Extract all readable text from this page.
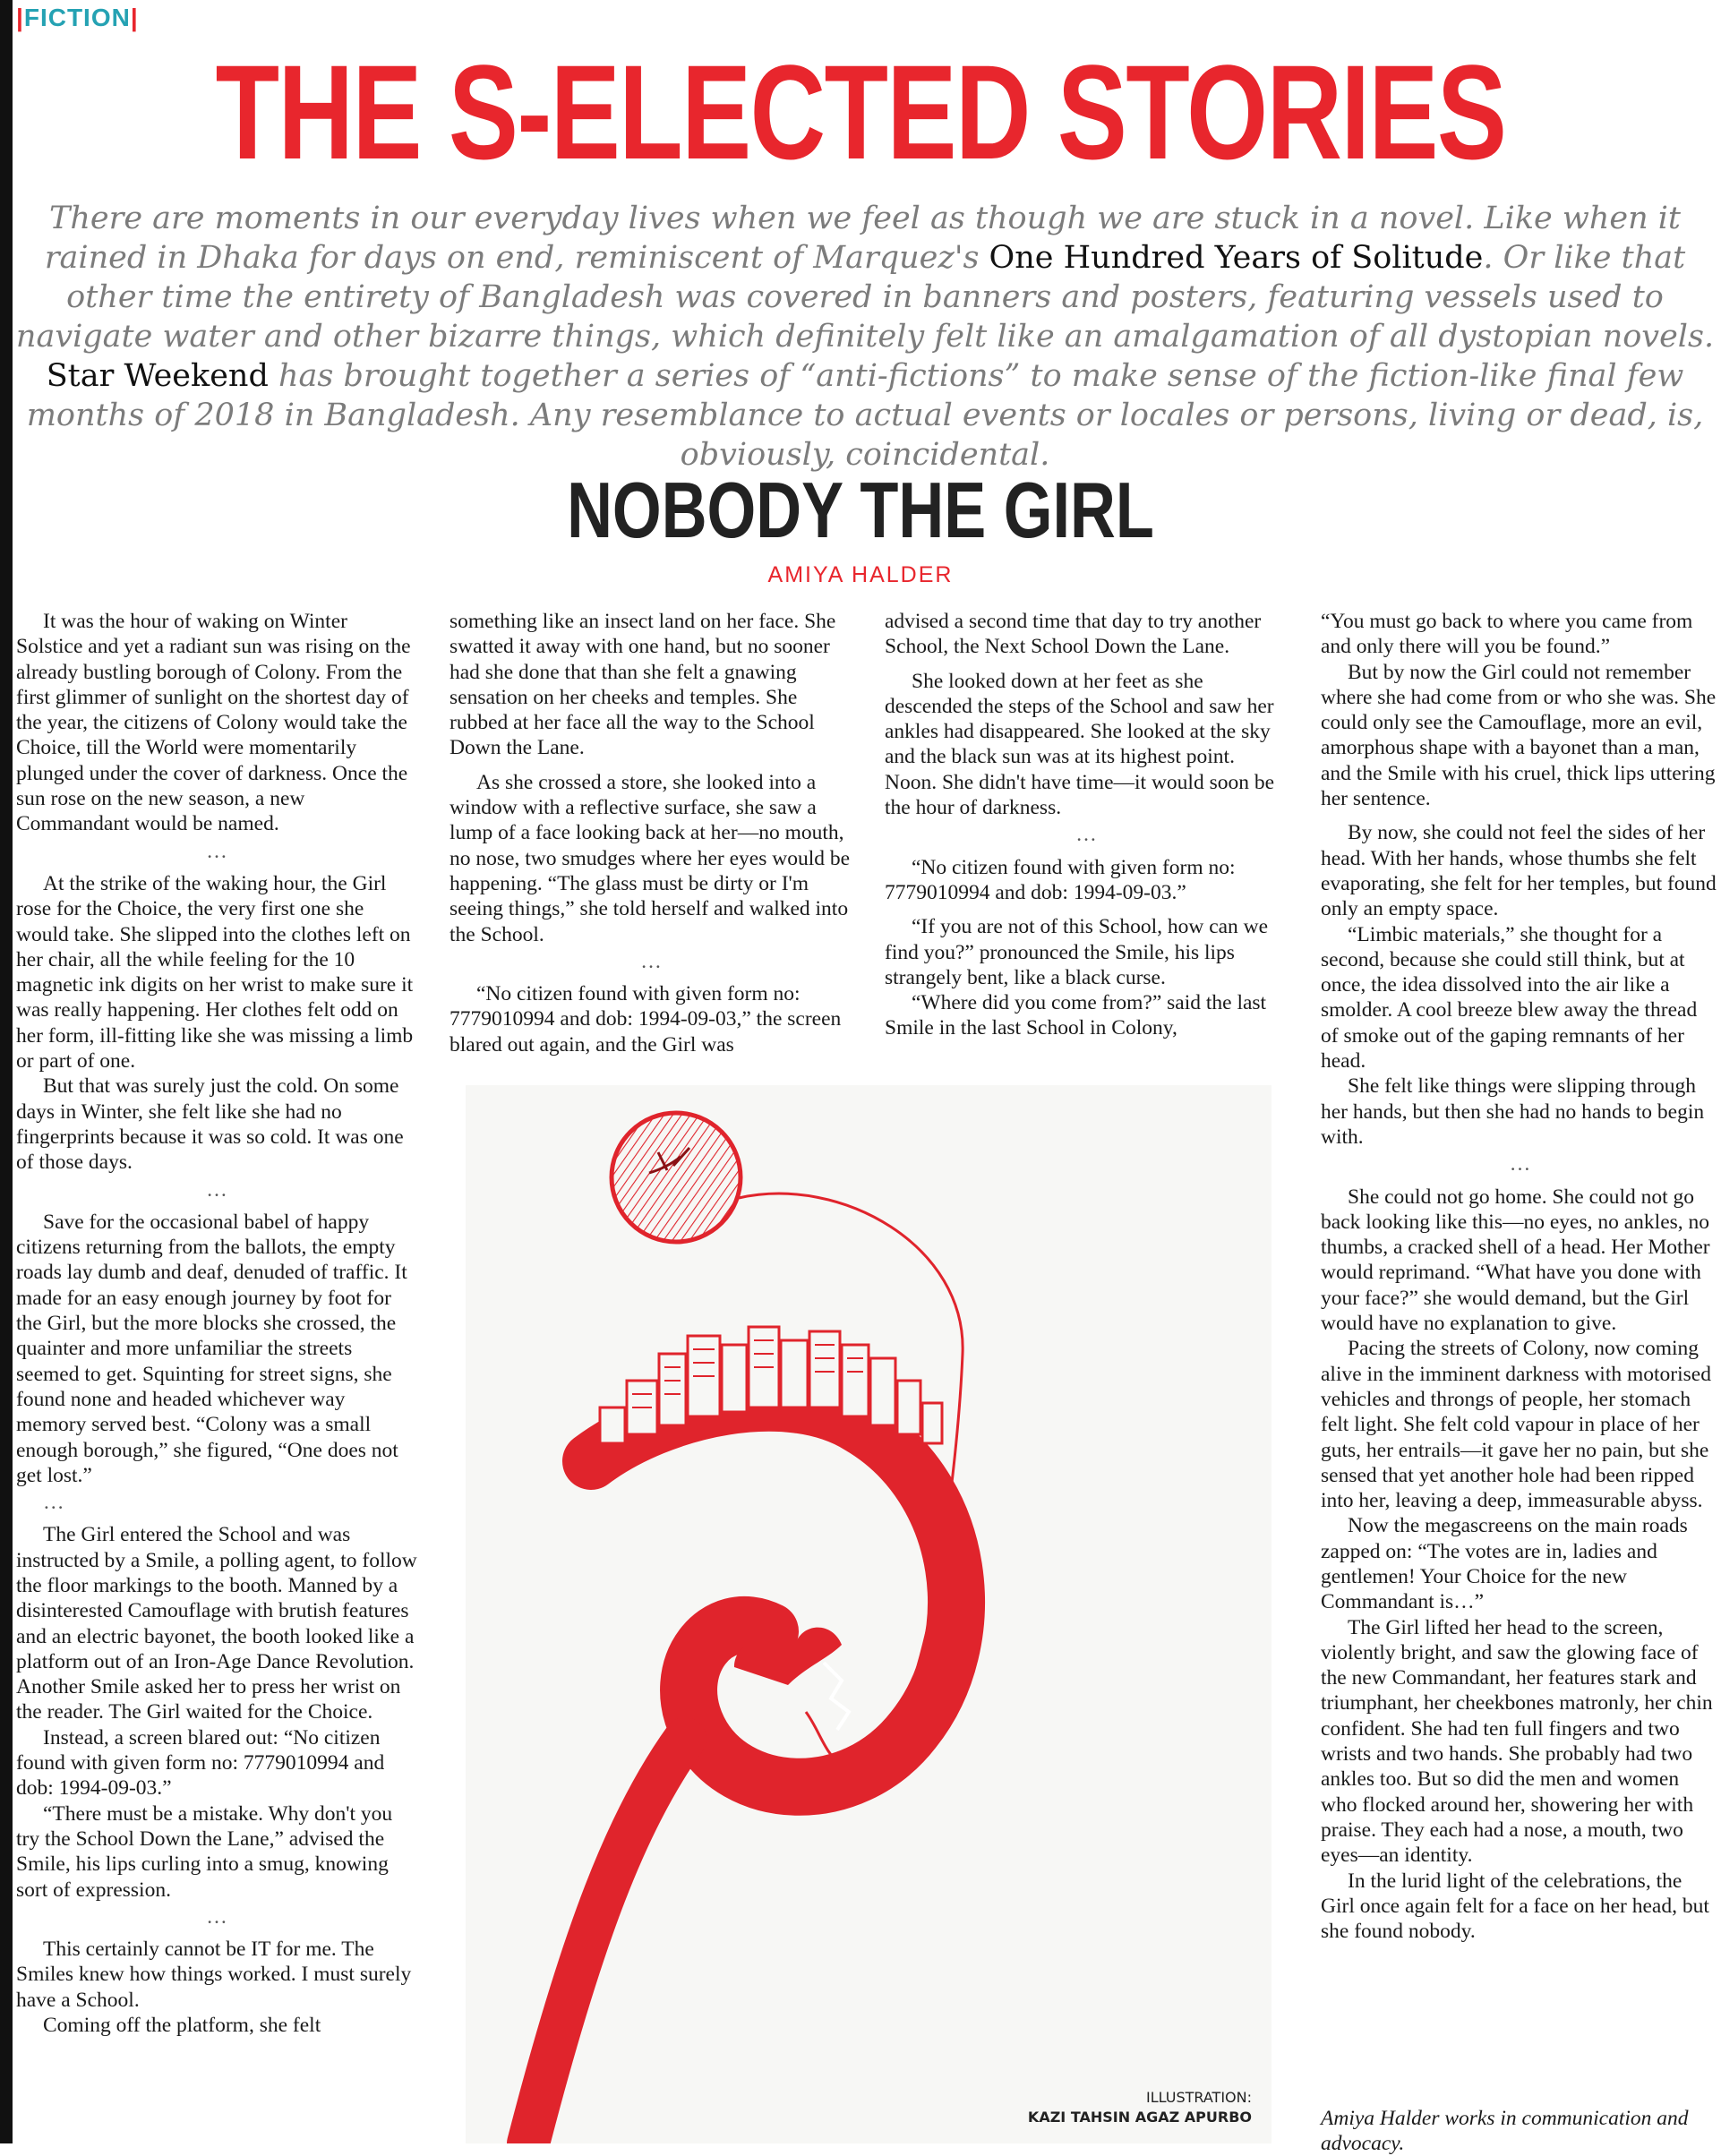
|FICTION|
THE S-ELECTED STORIES
There are moments in our everyday lives when we feel as though we are stuck in a novel. Like when it rained in Dhaka for days on end, reminiscent of Marquez's One Hundred Years of Solitude. Or like that other time the entirety of Bangladesh was covered in banners and posters, featuring vessels used to navigate water and other bizarre things, which definitely felt like an amalgamation of all dystopian novels. Star Weekend has brought together a series of “anti-fictions” to make sense of the fiction-like final few months of 2018 in Bangladesh. Any resemblance to actual events or locales or persons, living or dead, is, obviously, coincidental.
NOBODY THE GIRL
AMIYA HALDER

It was the hour of waking on Winter Solstice and yet a radiant sun was rising on the already bustling borough of Colony. From the first glimmer of sunlight on the shortest day of the year, the citizens of Colony would take the Choice, till the World were momentarily plunged under the cover of darkness. Once the sun rose on the new season, a new Commandant would be named.

…

At the strike of the waking hour, the Girl rose for the Choice, the very first one she would take. She slipped into the clothes left on her chair, all the while feeling for the 10 magnetic ink digits on her wrist to make sure it was really happening. Her clothes felt odd on her form, ill-fitting like she was missing a limb or part of one.

But that was surely just the cold. On some days in Winter, she felt like she had no fingerprints because it was so cold. It was one of those days.

…

Save for the occasional babel of happy citizens returning from the ballots, the empty roads lay dumb and deaf, denuded of traffic. It made for an easy enough journey by foot for the Girl, but the more blocks she crossed, the quainter and more unfamiliar the streets seemed to get. Squinting for street signs, she found none and headed whichever way memory served best. “Colony was a small enough borough,” she figured, “One does not get lost.”

…

The Girl entered the School and was instructed by a Smile, a polling agent, to follow the floor markings to the booth. Manned by a disinterested Camouflage with brutish features and an electric bayonet, the booth looked like a platform out of an Iron-Age Dance Revolution. Another Smile asked her to press her wrist on the reader. The Girl waited for the Choice.

Instead, a screen blared out: “No citizen found with given form no: 7779010994 and dob: 1994-09-03.”

“There must be a mistake. Why don't you try the School Down the Lane,” advised the Smile, his lips curling into a smug, knowing sort of expression.

…

This certainly cannot be IT for me. The Smiles knew how things worked. I must surely have a School.

Coming off the platform, she felt

something like an insect land on her face. She swatted it away with one hand, but no sooner had she done that than she felt a gnawing sensation on her cheeks and temples. She rubbed at her face all the way to the School Down the Lane.

As she crossed a store, she looked into a window with a reflective surface, she saw a lump of a face looking back at her—no mouth, no nose, two smudges where her eyes would be happening. “The glass must be dirty or I'm seeing things,” she told herself and walked into the School.

…

“No citizen found with given form no: 7779010994 and dob: 1994-09-03,” the screen blared out again, and the Girl was

advised a second time that day to try another School, the Next School Down the Lane.

She looked down at her feet as she descended the steps of the School and saw her ankles had disappeared. She looked at the sky and the black sun was at its highest point. Noon. She didn't have time—it would soon be the hour of darkness.

…

“No citizen found with given form no: 7779010994 and dob: 1994-09-03.”

“If you are not of this School, how can we find you?” pronounced the Smile, his lips strangely bent, like a black curse.

“Where did you come from?” said the last Smile in the last School in Colony,

“You must go back to where you came from and only there will you be found.”

But by now the Girl could not remember where she had come from or who she was. She could only see the Camouflage, more an evil, amorphous shape with a bayonet than a man, and the Smile with his cruel, thick lips uttering her sentence.

By now, she could not feel the sides of her head. With her hands, whose thumbs she felt evaporating, she felt for her temples, but found only an empty space.

“Limbic materials,” she thought for a second, because she could still think, but at once, the idea dissolved into the air like a smolder. A cool breeze blew away the thread of smoke out of the gaping remnants of her head.

She felt like things were slipping through her hands, but then she had no hands to begin with.

…

She could not go home. She could not go back looking like this—no eyes, no ankles, no thumbs, a cracked shell of a head. Her Mother would reprimand. “What have you done with your face?” she would demand, but the Girl would have no explanation to give.

Pacing the streets of Colony, now coming alive in the imminent darkness with motorised vehicles and throngs of people, her stomach felt light. She felt cold vapour in place of her guts, her entrails—it gave her no pain, but she sensed that yet another hole had been ripped into her, leaving a deep, immeasurable abyss.

Now the megascreens on the main roads zapped on: “The votes are in, ladies and gentlemen! Your Choice for the new Commandant is…”

The Girl lifted her head to the screen, violently bright, and saw the glowing face of the new Commandant, her features stark and triumphant, her cheekbones matronly, her chin confident. She had ten full fingers and two wrists and two hands. She probably had two ankles too. But so did the men and women who flocked around her, showering her with praise. They each had a nose, a mouth, two eyes—an identity.

In the lurid light of the celebrations, the Girl once again felt for a face on her head, but she found nobody.

ILLUSTRATION:
KAZI TAHSIN AGAZ APURBO	Amiya Halder works in communication and advocacy.
